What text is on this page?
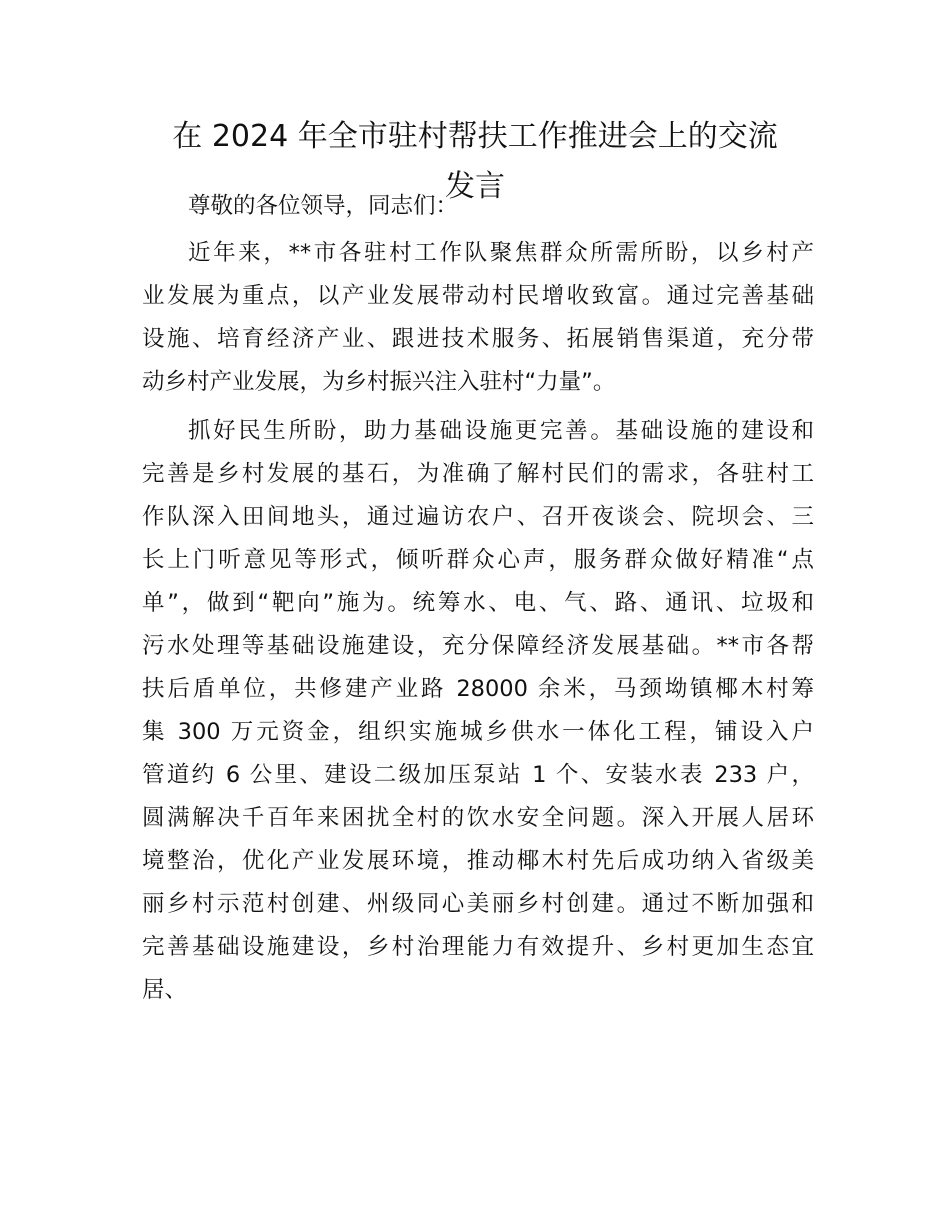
在 2024 年全市驻村帮扶工作推进会上的交流
发言

尊敬的各位领导，同志们：

近年来，**市各驻村工作队聚焦群众所需所盼，以乡村产
业发展为重点，以产业发展带动村民增收致富。通过完善基础
设施、培育经济产业、跟进技术服务、拓展销售渠道，充分带
动乡村产业发展，为乡村振兴注入驻村“力量”。

抓好民生所盼，助力基础设施更完善。基础设施的建设和
完善是乡村发展的基石，为准确了解村民们的需求，各驻村工
作队深入田间地头，通过遍访农户、召开夜谈会、院坝会、三
长上门听意见等形式，倾听群众心声，服务群众做好精准“点
单”，做到“靶向”施为。统筹水、电、气、路、通讯、垃圾和
污水处理等基础设施建设，充分保障经济发展基础。**市各帮
扶后盾单位，共修建产业路 28000 余米，马颈坳镇椰木村筹
集 300 万元资金，组织实施城乡供水一体化工程，铺设入户
管道约 6 公里、建设二级加压泵站 1 个、安装水表 233 户，
圆满解决千百年来困扰全村的饮水安全问题。深入开展人居环
境整治，优化产业发展环境，推动椰木村先后成功纳入省级美
丽乡村示范村创建、州级同心美丽乡村创建。通过不断加强和
完善基础设施建设，乡村治理能力有效提升、乡村更加生态宜
居、
